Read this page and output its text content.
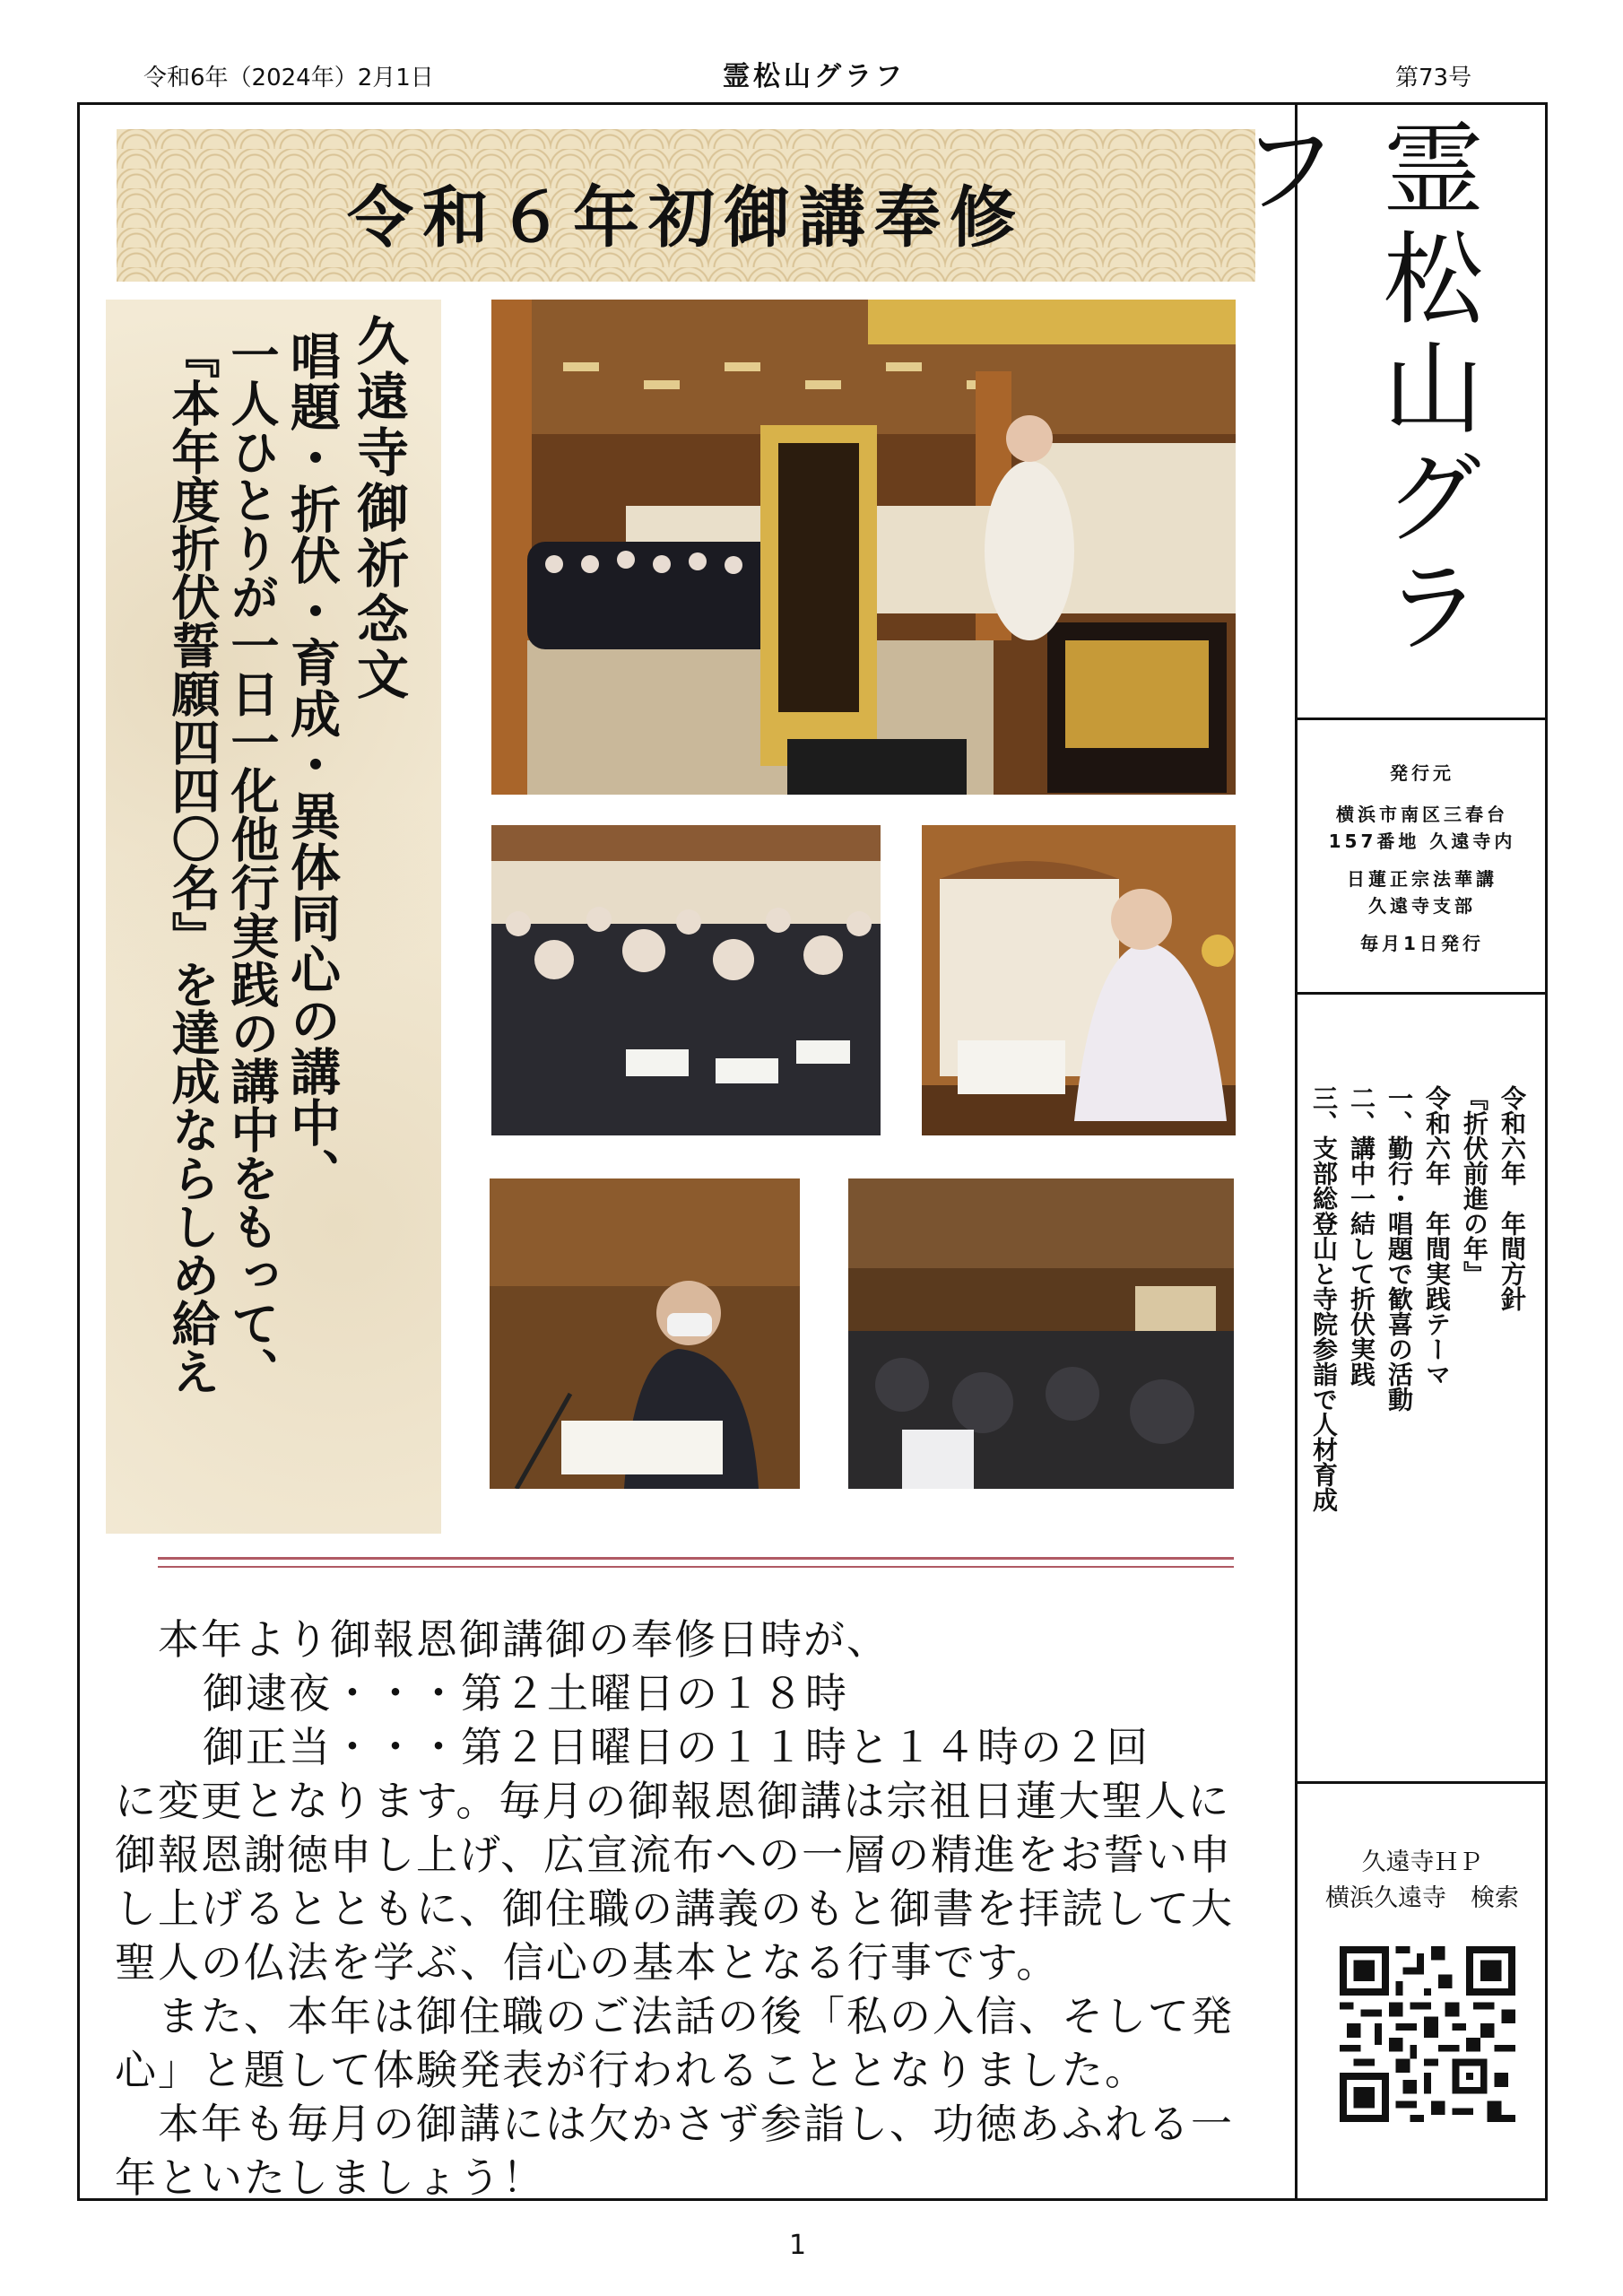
令和6年（2024年）2月1日	霊松山グラフ	第73号
令和６年初御講奉修
久遠寺御祈念文
唱題・折伏・育成・異体同心の講中、
一人ひとりが一日一化他行実践の講中をもって、
『本年度折伏誓願四四〇名』を達成ならしめ給え
本年より御報恩御講御の奉修日時が、
御逮夜・・・第２土曜日の１８時
御正当・・・第２日曜日の１１時と１４時の２回
に変更となります。毎月の御報恩御講は宗祖日蓮大聖人に
御報恩謝徳申し上げ、広宣流布への一層の精進をお誓い申
し上げるとともに、御住職の講義のもと御書を拝読して大
聖人の仏法を学ぶ、信心の基本となる行事です。
また、本年は御住職のご法話の後「私の入信、そして発
心」と題して体験発表が行われることとなりました。
本年も毎月の御講には欠かさず参詣し、功徳あふれる一
年といたしましょう！
霊松山グラフ
発行元
横浜市南区三春台
157番地 久遠寺内
日蓮正宗法華講
久遠寺支部
毎月1日発行
令和六年　年間方針
『折伏前進の年』
令和六年　年間実践テーマ
一、勤行・唱題で歓喜の活動
二、講中一結して折伏実践
三、支部総登山と寺院参詣で人材育成
久遠寺ＨＰ
横浜久遠寺　検索
1
